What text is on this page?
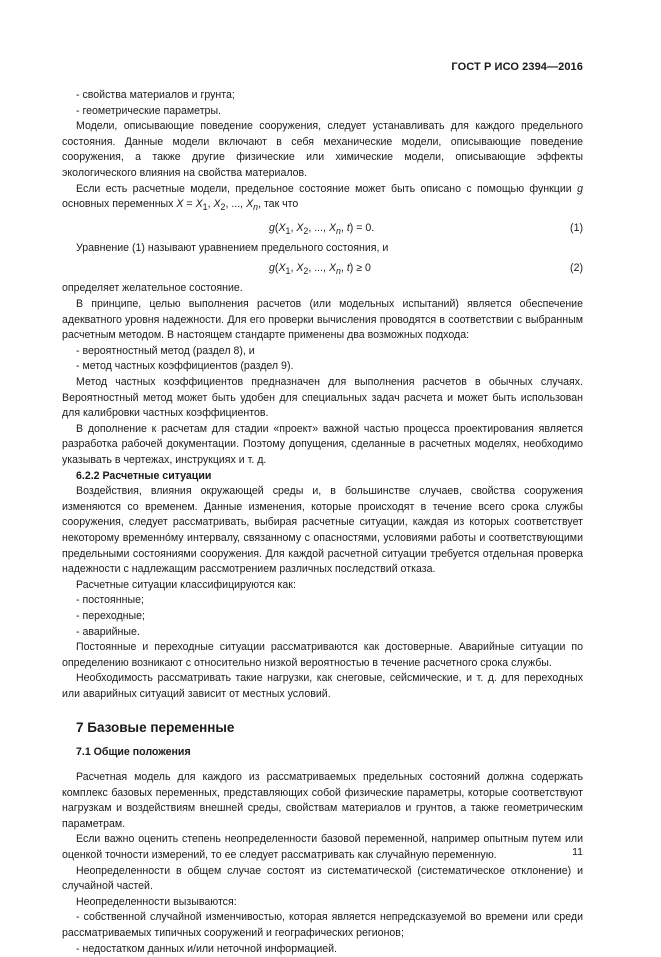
ГОСТ Р ИСО 2394—2016
- свойства материалов и грунта;
- геометрические параметры.
Модели, описывающие поведение сооружения, следует устанавливать для каждого предельного состояния. Данные модели включают в себя механические модели, описывающие поведение сооружения, а также другие физические или химические модели, описывающие эффекты экологического влияния на свойства материалов.
Если есть расчетные модели, предельное состояние может быть описано с помощью функции g основных переменных $X = X_1$, $X_2$, ..., $X_n$, так что
$g(X_1$, $X_2$, ..., $X_n$, t) = 0.	(1)
Уравнение (1) называют уравнением предельного состояния, и
$g(X_1$, $X_2$, ..., $X_n$, t) ≥ 0	(2)
определяет желательное состояние.
В принципе, целью выполнения расчетов (или модельных испытаний) является обеспечение адекватного уровня надежности. Для его проверки вычисления проводятся в соответствии с выбранным расчетным методом. В настоящем стандарте применены два возможных подхода:
- вероятностный метод (раздел 8), и
- метод частных коэффициентов (раздел 9).
Метод частных коэффициентов предназначен для выполнения расчетов в обычных случаях. Вероятностный метод может быть удобен для специальных задач расчета и может быть использован для калибровки частных коэффициентов.
В дополнение к расчетам для стадии «проект» важной частью процесса проектирования является разработка рабочей документации. Поэтому допущения, сделанные в расчетных моделях, необходимо указывать в чертежах, инструкциях и т. д.
6.2.2 Расчетные ситуации
Воздействия, влияния окружающей среды и, в большинстве случаев, свойства сооружения изменяются со временем. Данные изменения, которые происходят в течение всего срока службы сооружения, следует рассматривать, выбирая расчетные ситуации, каждая из которых соответствует некоторому временно́му интервалу, связанному с опасностями, условиями работы и соответствующими предельными состояниями сооружения. Для каждой расчетной ситуации требуется отдельная проверка надежности с надлежащим рассмотрением различных последствий отказа.
Расчетные ситуации классифицируются как:
- постоянные;
- переходные;
- аварийные.
Постоянные и переходные ситуации рассматриваются как достоверные. Аварийные ситуации по определению возникают с относительно низкой вероятностью в течение расчетного срока службы.
Необходимость рассматривать такие нагрузки, как снеговые, сейсмические, и т. д. для переходных или аварийных ситуаций зависит от местных условий.
7 Базовые переменные
7.1 Общие положения
Расчетная модель для каждого из рассматриваемых предельных состояний должна содержать комплекс базовых переменных, представляющих собой физические параметры, которые соответствуют нагрузкам и воздействиям внешней среды, свойствам материалов и грунтов, а также геометрическим параметрам.
Если важно оценить степень неопределенности базовой переменной, например опытным путем или оценкой точности измерений, то ее следует рассматривать как случайную переменную.
Неопределенности в общем случае состоят из систематической (систематическое отклонение) и случайной частей.
Неопределенности вызываются:
- собственной случайной изменчивостью, которая является непредсказуемой во времени или среди рассматриваемых типичных сооружений и географических регионов;
- недостатком данных и/или неточной информацией.
11
